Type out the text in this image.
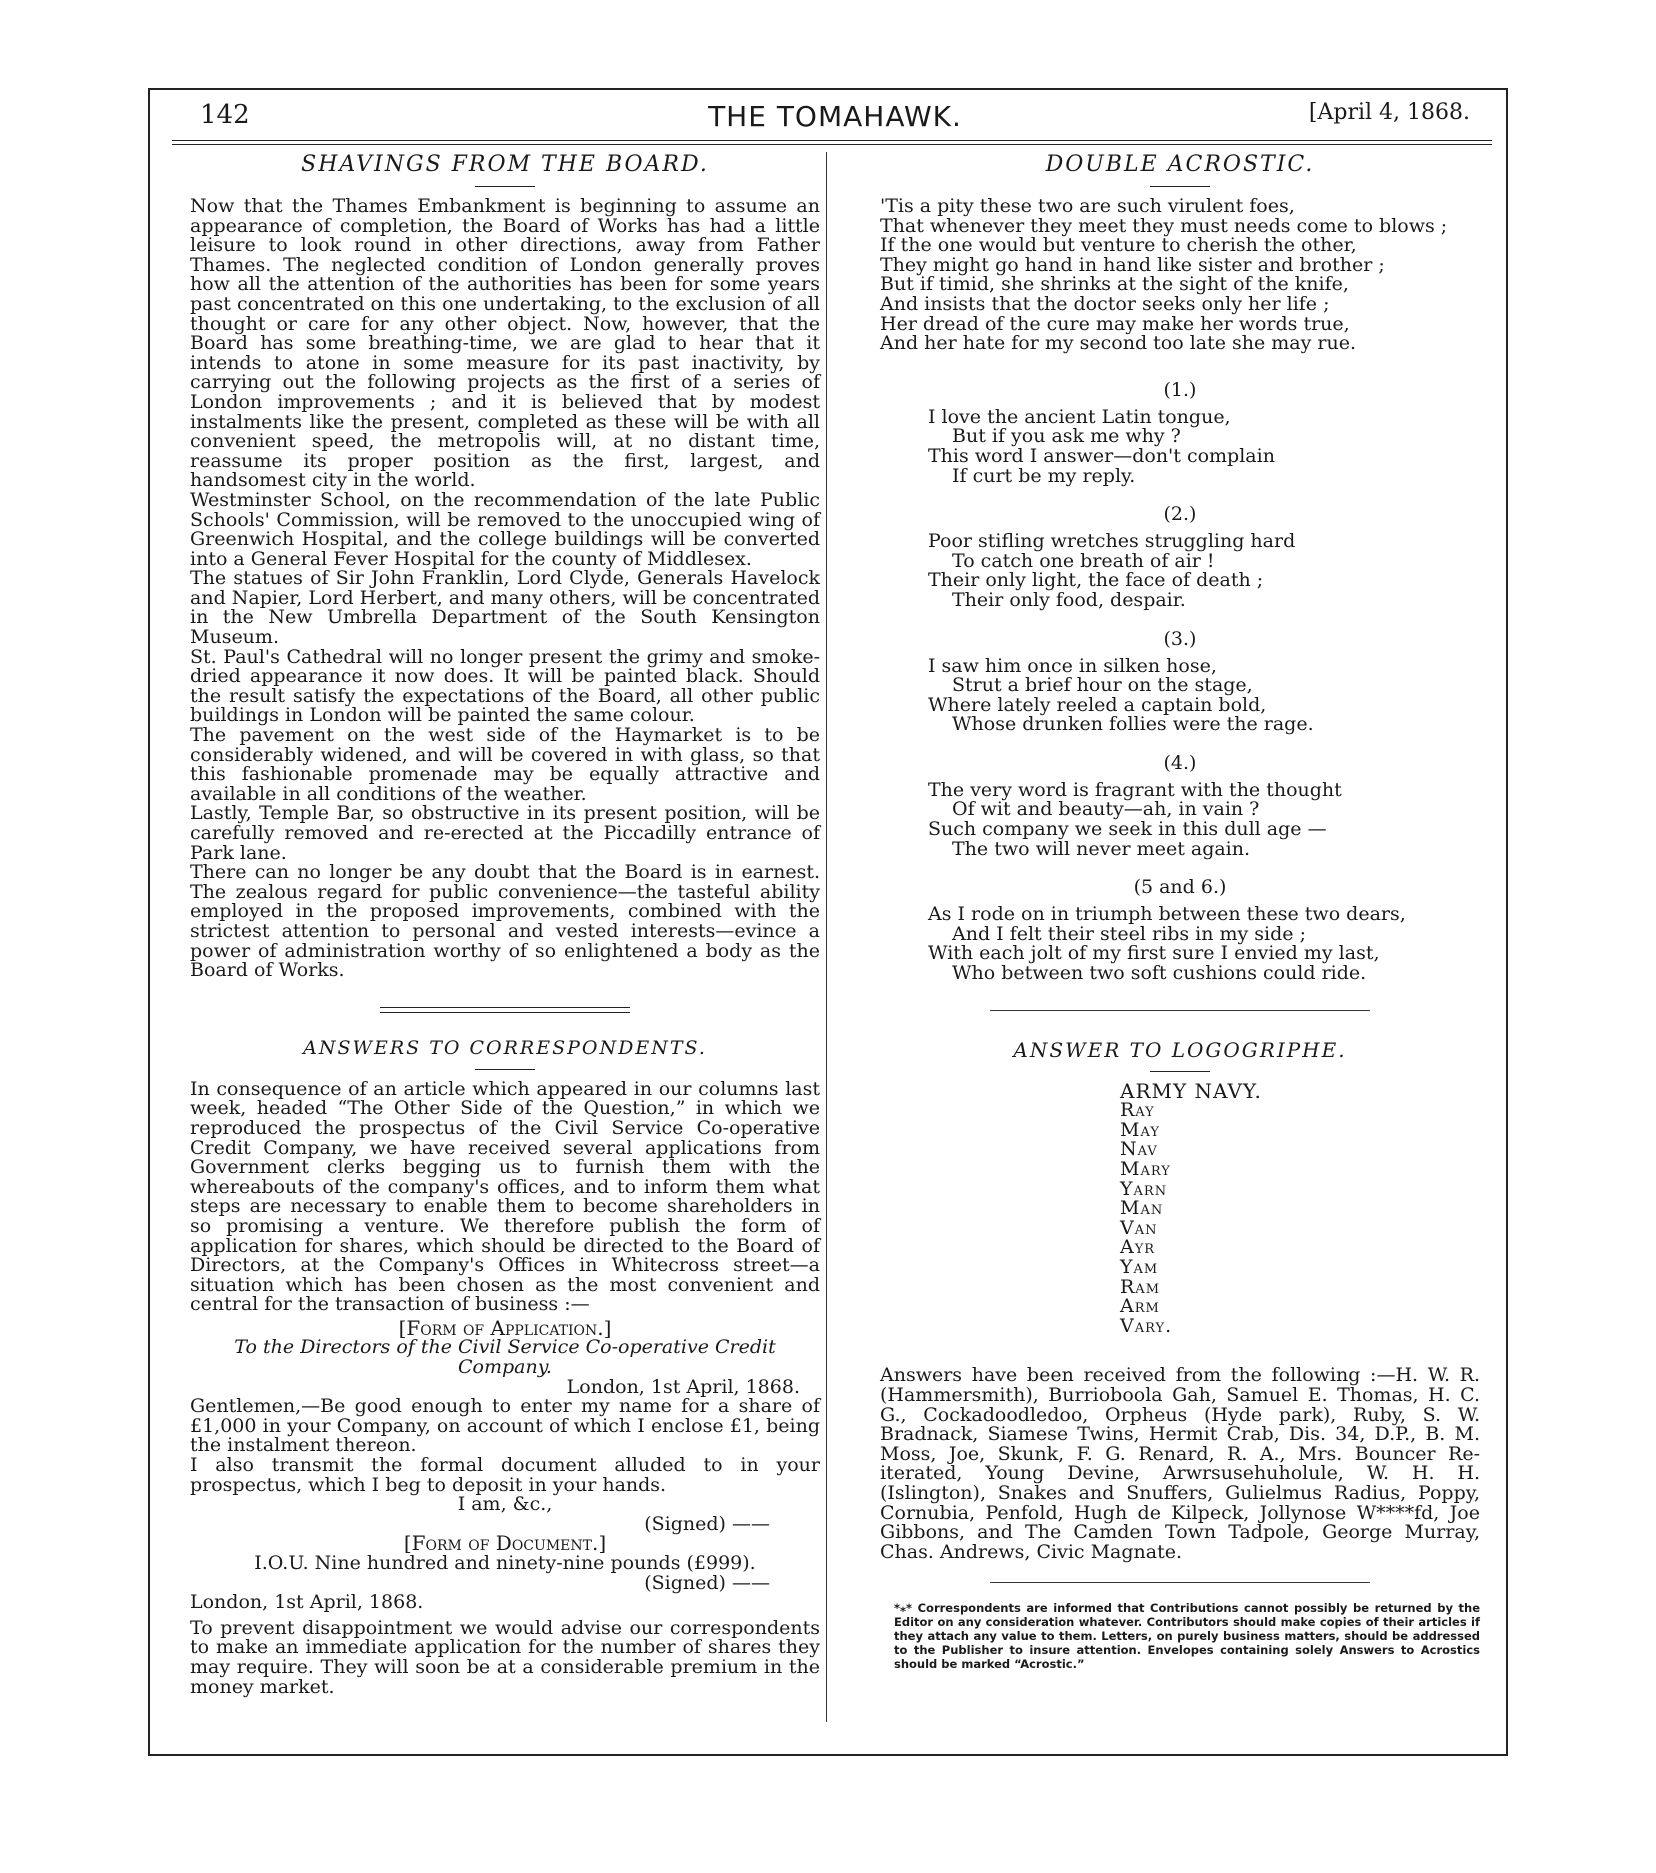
142	THE TOMAHAWK.	[April 4, 1868.
SHAVINGS FROM THE BOARD.

Now that the Thames Embankment is beginning to assume an appearance of completion, the Board of Works has had a little leisure to look round in other directions, away from Father Thames. The neglected condition of London generally proves how all the attention of the authorities has been for some years past concentrated on this one undertaking, to the exclusion of all thought or care for any other object. Now, however, that the Board has some breathing-time, we are glad to hear that it intends to atone in some measure for its past inactivity, by carrying out the following projects as the first of a series of London improvements ; and it is believed that by modest instalments like the present, completed as these will be with all convenient speed, the metropolis will, at no distant time, reassume its proper position as the first, largest, and handsomest city in the world.

Westminster School, on the recommendation of the late Public Schools' Commission, will be removed to the unoccupied wing of Greenwich Hospital, and the college buildings will be converted into a General Fever Hospital for the county of Middlesex.

The statues of Sir John Franklin, Lord Clyde, Generals Havelock and Napier, Lord Herbert, and many others, will be concentrated in the New Umbrella Department of the South Kensington Museum.

St. Paul's Cathedral will no longer present the grimy and smoke-dried appearance it now does. It will be painted black. Should the result satisfy the expectations of the Board, all other public buildings in London will be painted the same colour.

The pavement on the west side of the Haymarket is to be considerably widened, and will be covered in with glass, so that this fashionable promenade may be equally attractive and available in all conditions of the weather.

Lastly, Temple Bar, so obstructive in its present position, will be carefully removed and re-erected at the Piccadilly entrance of Park lane.

There can no longer be any doubt that the Board is in earnest. The zealous regard for public convenience—the tasteful ability employed in the proposed improvements, combined with the strictest attention to personal and vested interests—evince a power of administration worthy of so enlightened a body as the Board of Works.

ANSWERS TO CORRESPONDENTS.

In consequence of an article which appeared in our columns last week, headed “The Other Side of the Question,” in which we reproduced the prospectus of the Civil Service Co-operative Credit Company, we have received several applications from Government clerks begging us to furnish them with the whereabouts of the company's offices, and to inform them what steps are necessary to enable them to become shareholders in so promising a venture. We therefore publish the form of application for shares, which should be directed to the Board of Directors, at the Company's Offices in Whitecross street—a situation which has been chosen as the most convenient and central for the transaction of business :—

[Form of Application.]

To the Directors of the Civil Service Co-operative Credit Company.

London, 1st April, 1868.

Gentlemen,—Be good enough to enter my name for a share of £1,000 in your Company, on account of which I enclose £1, being the instalment thereon.

I also transmit the formal document alluded to in your prospectus, which I beg to deposit in your hands.

I am, &c.,

(Signed) ——

[Form of Document.]

I.O.U. Nine hundred and ninety-nine pounds (£999).

(Signed) ——

London, 1st April, 1868.

To prevent disappointment we would advise our correspondents to make an immediate application for the number of shares they may require. They will soon be at a considerable premium in the money market.

DOUBLE ACROSTIC.
'Tis a pity these two are such virulent foes,
That whenever they meet they must needs come to blows ;
If the one would but venture to cherish the other,
They might go hand in hand like sister and brother ;
But if timid, she shrinks at the sight of the knife,
And insists that the doctor seeks only her life ;
Her dread of the cure may make her words true,
And her hate for my second too late she may rue.
(1.)
I love the ancient Latin tongue,
But if you ask me why ?
This word I answer—don't complain
If curt be my reply.
(2.)
Poor stifling wretches struggling hard
To catch one breath of air !
Their only light, the face of death ;
Their only food, despair.
(3.)
I saw him once in silken hose,
Strut a brief hour on the stage,
Where lately reeled a captain bold,
Whose drunken follies were the rage.
(4.)
The very word is fragrant with the thought
Of wit and beauty—ah, in vain ?
Such company we seek in this dull age —
The two will never meet again.
(5 and 6.)
As I rode on in triumph between these two dears,
And I felt their steel ribs in my side ;
With each jolt of my first sure I envied my last,
Who between two soft cushions could ride.
ANSWER TO LOGOGRIPHE.
ARMY NAVY.
Ray
May
Nav
Mary
Yarn
Man
Van
Ayr
Yam
Ram
Arm
Vary.

Answers have been received from the following :—H. W. R. (Hammersmith), Burrioboola Gah, Samuel E. Thomas, H. C. G., Cockadoodledoo, Orpheus (Hyde park), Ruby, S. W. Bradnack, Siamese Twins, Hermit Crab, Dis. 34, D.P., B. M. Moss, Joe, Skunk, F. G. Renard, R. A., Mrs. Bouncer Re-iterated, Young Devine, Arwrsusehuholule, W. H. H. (Islington), Snakes and Snuffers, Gulielmus Radius, Poppy, Cornubia, Penfold, Hugh de Kilpeck, Jollynose W****fd, Joe Gibbons, and The Camden Town Tadpole, George Murray, Chas. Andrews, Civic Magnate.

*⁎* Correspondents are informed that Contributions cannot possibly be returned by the Editor on any consideration whatever. Contributors should make copies of their articles if they attach any value to them. Letters, on purely business matters, should be addressed to the Publisher to insure attention. Envelopes containing solely Answers to Acrostics should be marked “Acrostic.”
